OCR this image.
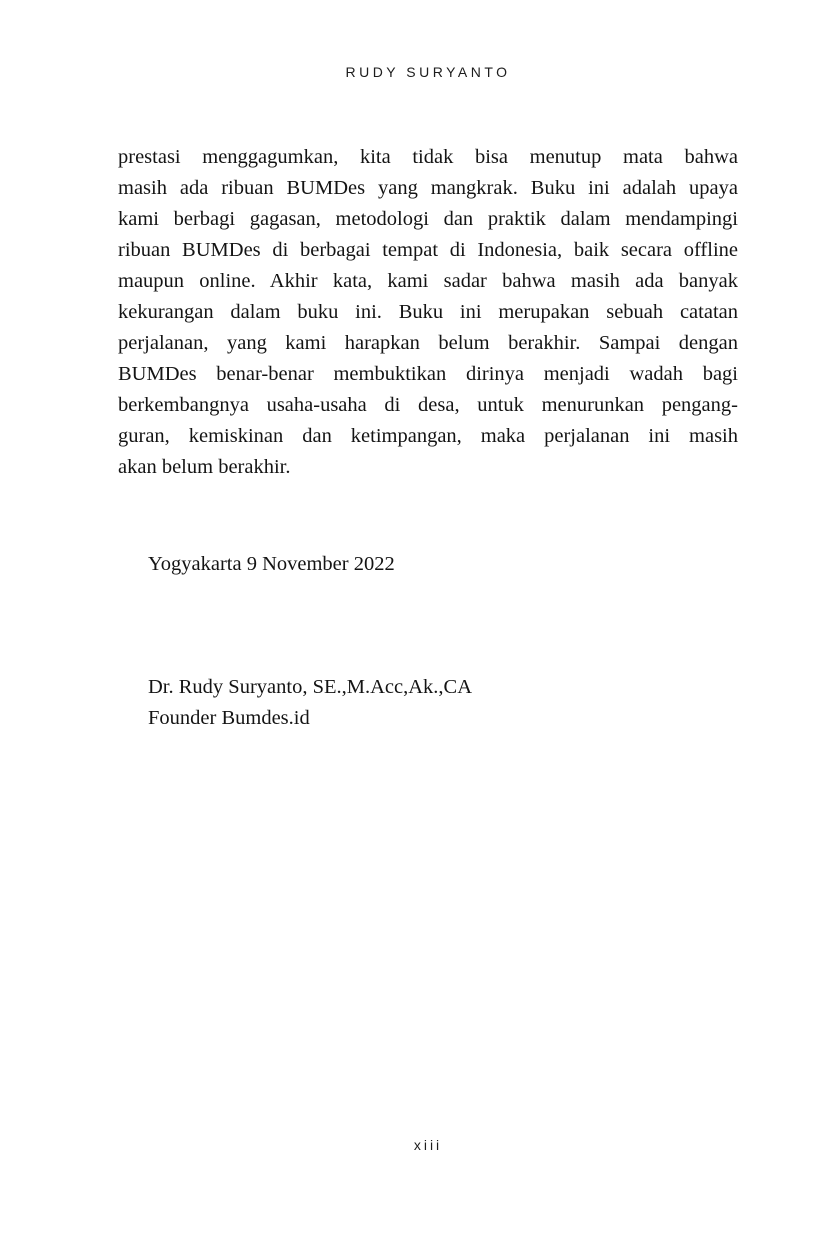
RUDY SURYANTO
prestasi menggagumkan, kita tidak bisa menutup mata bahwa
masih ada ribuan BUMDes yang mangkrak. Buku ini adalah upaya
kami berbagi gagasan, metodologi dan praktik dalam mendampingi
ribuan BUMDes di berbagai tempat di Indonesia, baik secara offline
maupun online. Akhir kata, kami sadar bahwa masih ada banyak
kekurangan dalam buku ini. Buku ini merupakan sebuah catatan
perjalanan, yang kami harapkan belum berakhir. Sampai dengan
BUMDes benar-benar membuktikan dirinya menjadi wadah bagi
berkembangnya usaha-usaha di desa, untuk menurunkan pengang-
guran, kemiskinan dan ketimpangan, maka perjalanan ini masih
akan belum berakhir.
Yogyakarta 9 November 2022
Dr. Rudy Suryanto, SE.,M.Acc,Ak.,CA
Founder Bumdes.id
xiii
